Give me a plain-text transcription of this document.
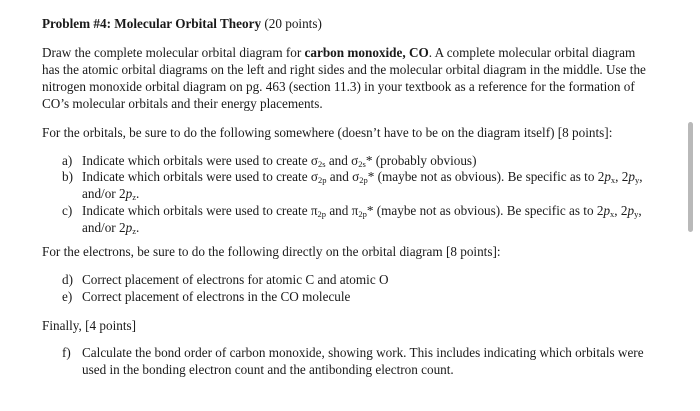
Problem #4: Molecular Orbital Theory (20 points)
Draw the complete molecular orbital diagram for carbon monoxide, CO. A complete molecular orbital diagram has the atomic orbital diagrams on the left and right sides and the molecular orbital diagram in the middle. Use the nitrogen monoxide orbital diagram on pg. 463 (section 11.3) in your textbook as a reference for the formation of CO’s molecular orbitals and their energy placements.
For the orbitals, be sure to do the following somewhere (doesn’t have to be on the diagram itself) [8 points]:
a) Indicate which orbitals were used to create $\sigma_{2s}$ and $\sigma_{2s}*$ (probably obvious)
b) Indicate which orbitals were used to create $\sigma_{2p}$ and $\sigma_{2p}*$ (maybe not as obvious). Be specific as to $2p_x$, $2p_y$, and/or $2p_z$.
c) Indicate which orbitals were used to create $\pi_{2p}$ and $\pi_{2p}*$ (maybe not as obvious). Be specific as to $2p_x$, $2p_y$, and/or $2p_z$.
For the electrons, be sure to do the following directly on the orbital diagram [8 points]:
d) Correct placement of electrons for atomic C and atomic O
e) Correct placement of electrons in the CO molecule
Finally, [4 points]
f) Calculate the bond order of carbon monoxide, showing work. This includes indicating which orbitals were used in the bonding electron count and the antibonding electron count.
